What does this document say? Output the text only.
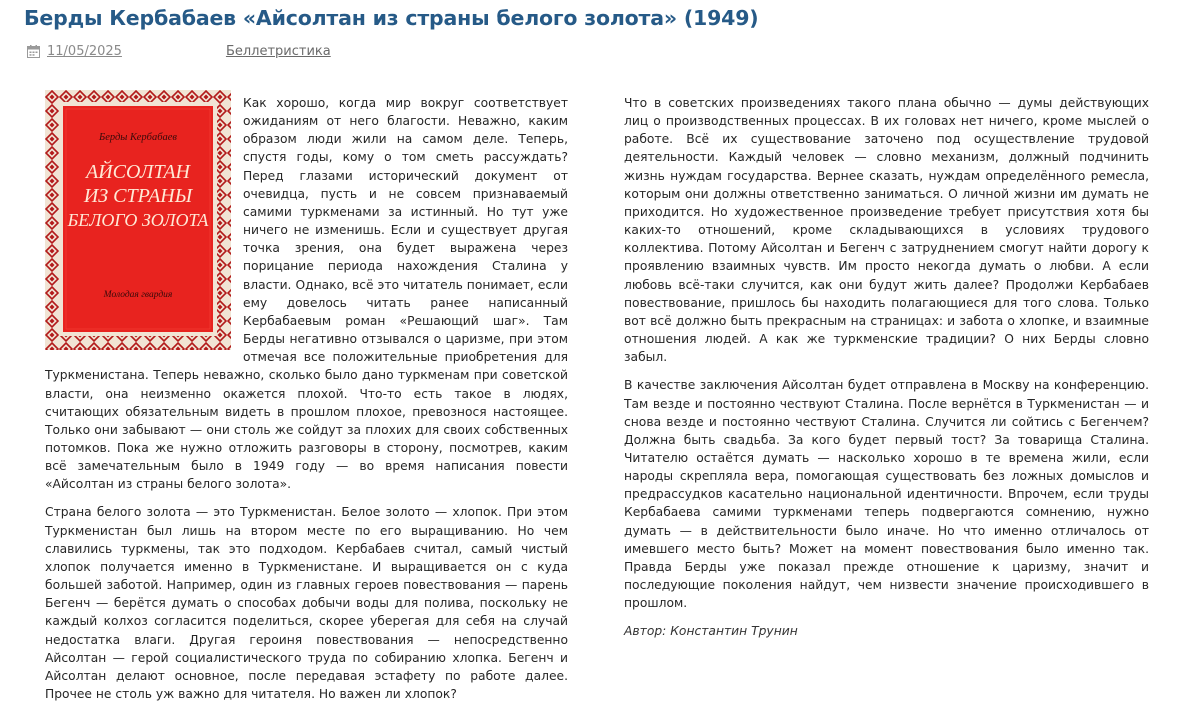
Берды Кербабаев «Айсолтан из страны белого золота» (1949)
11/05/2025	Беллетристика
Берды Кербабаев
АЙСОЛТАН
ИЗ СТРАНЫ
БЕЛОГО ЗОЛОТА
Молодая гвардия

Как хорошо, когда мир вокруг соответствует ожиданиям от него благости. Неважно, каким образом люди жили на самом деле. Теперь, спустя годы, кому о том сметь рассуждать? Перед глазами исторический документ от очевидца, пусть и не совсем признаваемый самими туркменами за истинный. Но тут уже ничего не изменишь. Если и существует другая точка зрения, она будет выражена через порицание периода нахождения Сталина у власти. Однако, всё это читатель понимает, если ему довелось читать ранее написанный Кербабаевым роман «Решающий шаг». Там Берды негативно отзывался о царизме, при этом отмечая все положительные приобретения для Туркменистана. Теперь неважно, сколько было дано туркменам при советской власти, она неизменно окажется плохой. Что-то есть такое в людях, считающих обязательным видеть в прошлом плохое, превозноcя настоящее. Только они забывают — они столь же сойдут за плохих для своих собственных потомков. Пока же нужно отложить разговоры в сторону, посмотрев, каким всё замечательным было в 1949 году — во время написания повести «Айсолтан из страны белого золота».

Страна белого золота — это Туркменистан. Белое золото — хлопок. При этом Туркменистан был лишь на втором месте по его выращиванию. Но чем славились туркмены, так это подходом. Кербабаев считал, самый чистый хлопок получается именно в Туркменистане. И выращивается он с куда большей заботой. Например, один из главных героев повествования — парень Бегенч — берётся думать о способах добычи воды для полива, поскольку не каждый колхоз согласится поделиться, скорее уберегая для себя на случай недостатка влаги. Другая героиня повествования — непосредственно Айсолтан — герой социалистического труда по собиранию хлопка. Бегенч и Айсолтан делают основное, после передавая эстафету по работе далее. Прочее не столь уж важно для читателя. Но важен ли хлопок?

Что в советских произведениях такого плана обычно — думы действующих лиц о производственных процессах. В их головах нет ничего, кроме мыслей о работе. Всё их существование заточено под осуществление трудовой деятельности. Каждый человек — словно механизм, должный подчинить жизнь нуждам государства. Вернее сказать, нуждам определённого ремесла, которым они должны ответственно заниматься. О личной жизни им думать не приходится. Но художественное произведение требует присутствия хотя бы каких-то отношений, кроме складывающихся в условиях трудового коллектива. Потому Айсолтан и Бегенч с затруднением смогут найти дорогу к проявлению взаимных чувств. Им просто некогда думать о любви. А если любовь всё-таки случится, как они будут жить далее? Продолжи Кербабаев повествование, пришлось бы находить полагающиеся для того слова. Только вот всё должно быть прекрасным на страницах: и забота о хлопке, и взаимные отношения людей. А как же туркменские традиции? О них Берды словно забыл.

В качестве заключения Айсолтан будет отправлена в Москву на конференцию. Там везде и постоянно чествуют Сталина. После вернётся в Туркменистан — и снова везде и постоянно чествуют Сталина. Случится ли сойтись с Бегенчем? Должна быть свадьба. За кого будет первый тост? За товарища Сталина. Читателю остаётся думать — насколько хорошо в те времена жили, если народы скрепляла вера, помогающая существовать без ложных домыслов и предрассудков касательно национальной идентичности. Впрочем, если труды Кербабаева самими туркменами теперь подвергаются сомнению, нужно думать — в действительности было иначе. Но что именно отличалось от имевшего место быть? Может на момент повествования было именно так. Правда Берды уже показал прежде отношение к царизму, значит и последующие поколения найдут, чем низвести значение происходившего в прошлом.

Автор: Константин Трунин
